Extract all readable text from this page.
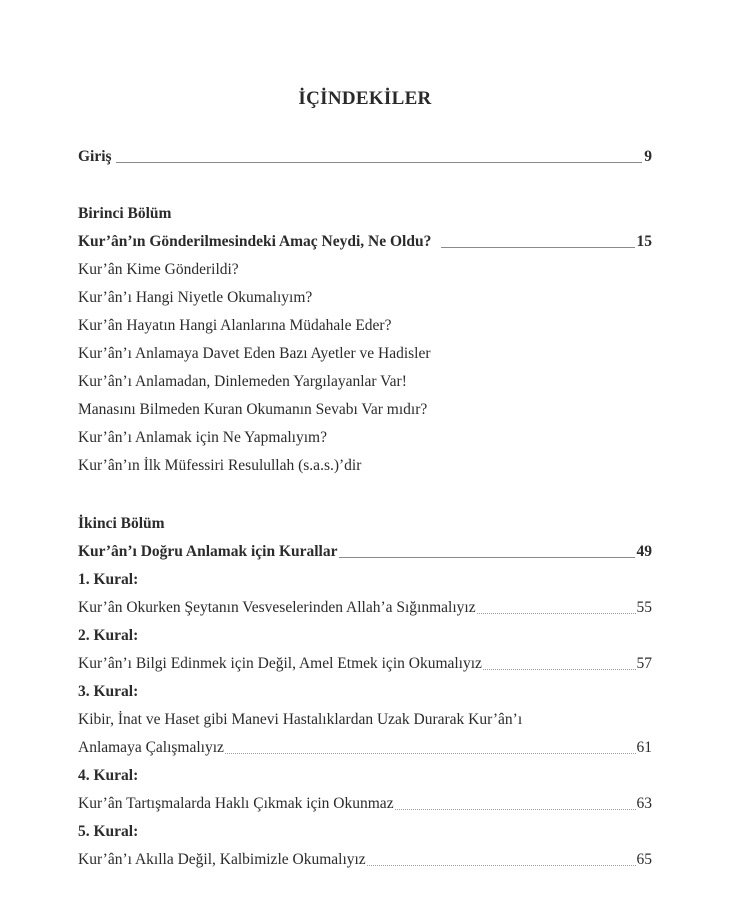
İÇİNDEKİLER
Giriş	9
Birinci Bölüm
Kur’ân’ın Gönderilmesindeki Amaç Neydi, Ne Oldu?	15
Kur’ân Kime Gönderildi?
Kur’ân’ı Hangi Niyetle Okumalıyım?
Kur’ân Hayatın Hangi Alanlarına Müdahale Eder?
Kur’ân’ı Anlamaya Davet Eden Bazı Ayetler ve Hadisler
Kur’ân’ı Anlamadan, Dinlemeden Yargılayanlar Var!
Manasını Bilmeden Kuran Okumanın Sevabı Var mıdır?
Kur’ân’ı Anlamak için Ne Yapmalıyım?
Kur’ân’ın İlk Müfessiri Resulullah (s.a.s.)’dir
İkinci Bölüm
Kur’ân’ı Doğru Anlamak için Kurallar	49
1. Kural:
Kur’ân Okurken Şeytanın Vesveselerinden Allah’a Sığınmalıyız	55
2. Kural:
Kur’ân’ı Bilgi Edinmek için Değil, Amel Etmek için Okumalıyız	57
3. Kural:
Kibir, İnat ve Haset gibi Manevi Hastalıklardan Uzak Durarak Kur’ân’ı
Anlamaya Çalışmalıyız	61
4. Kural:
Kur’ân Tartışmalarda Haklı Çıkmak için Okunmaz	63
5. Kural:
Kur’ân’ı Akılla Değil, Kalbimizle Okumalıyız	65
